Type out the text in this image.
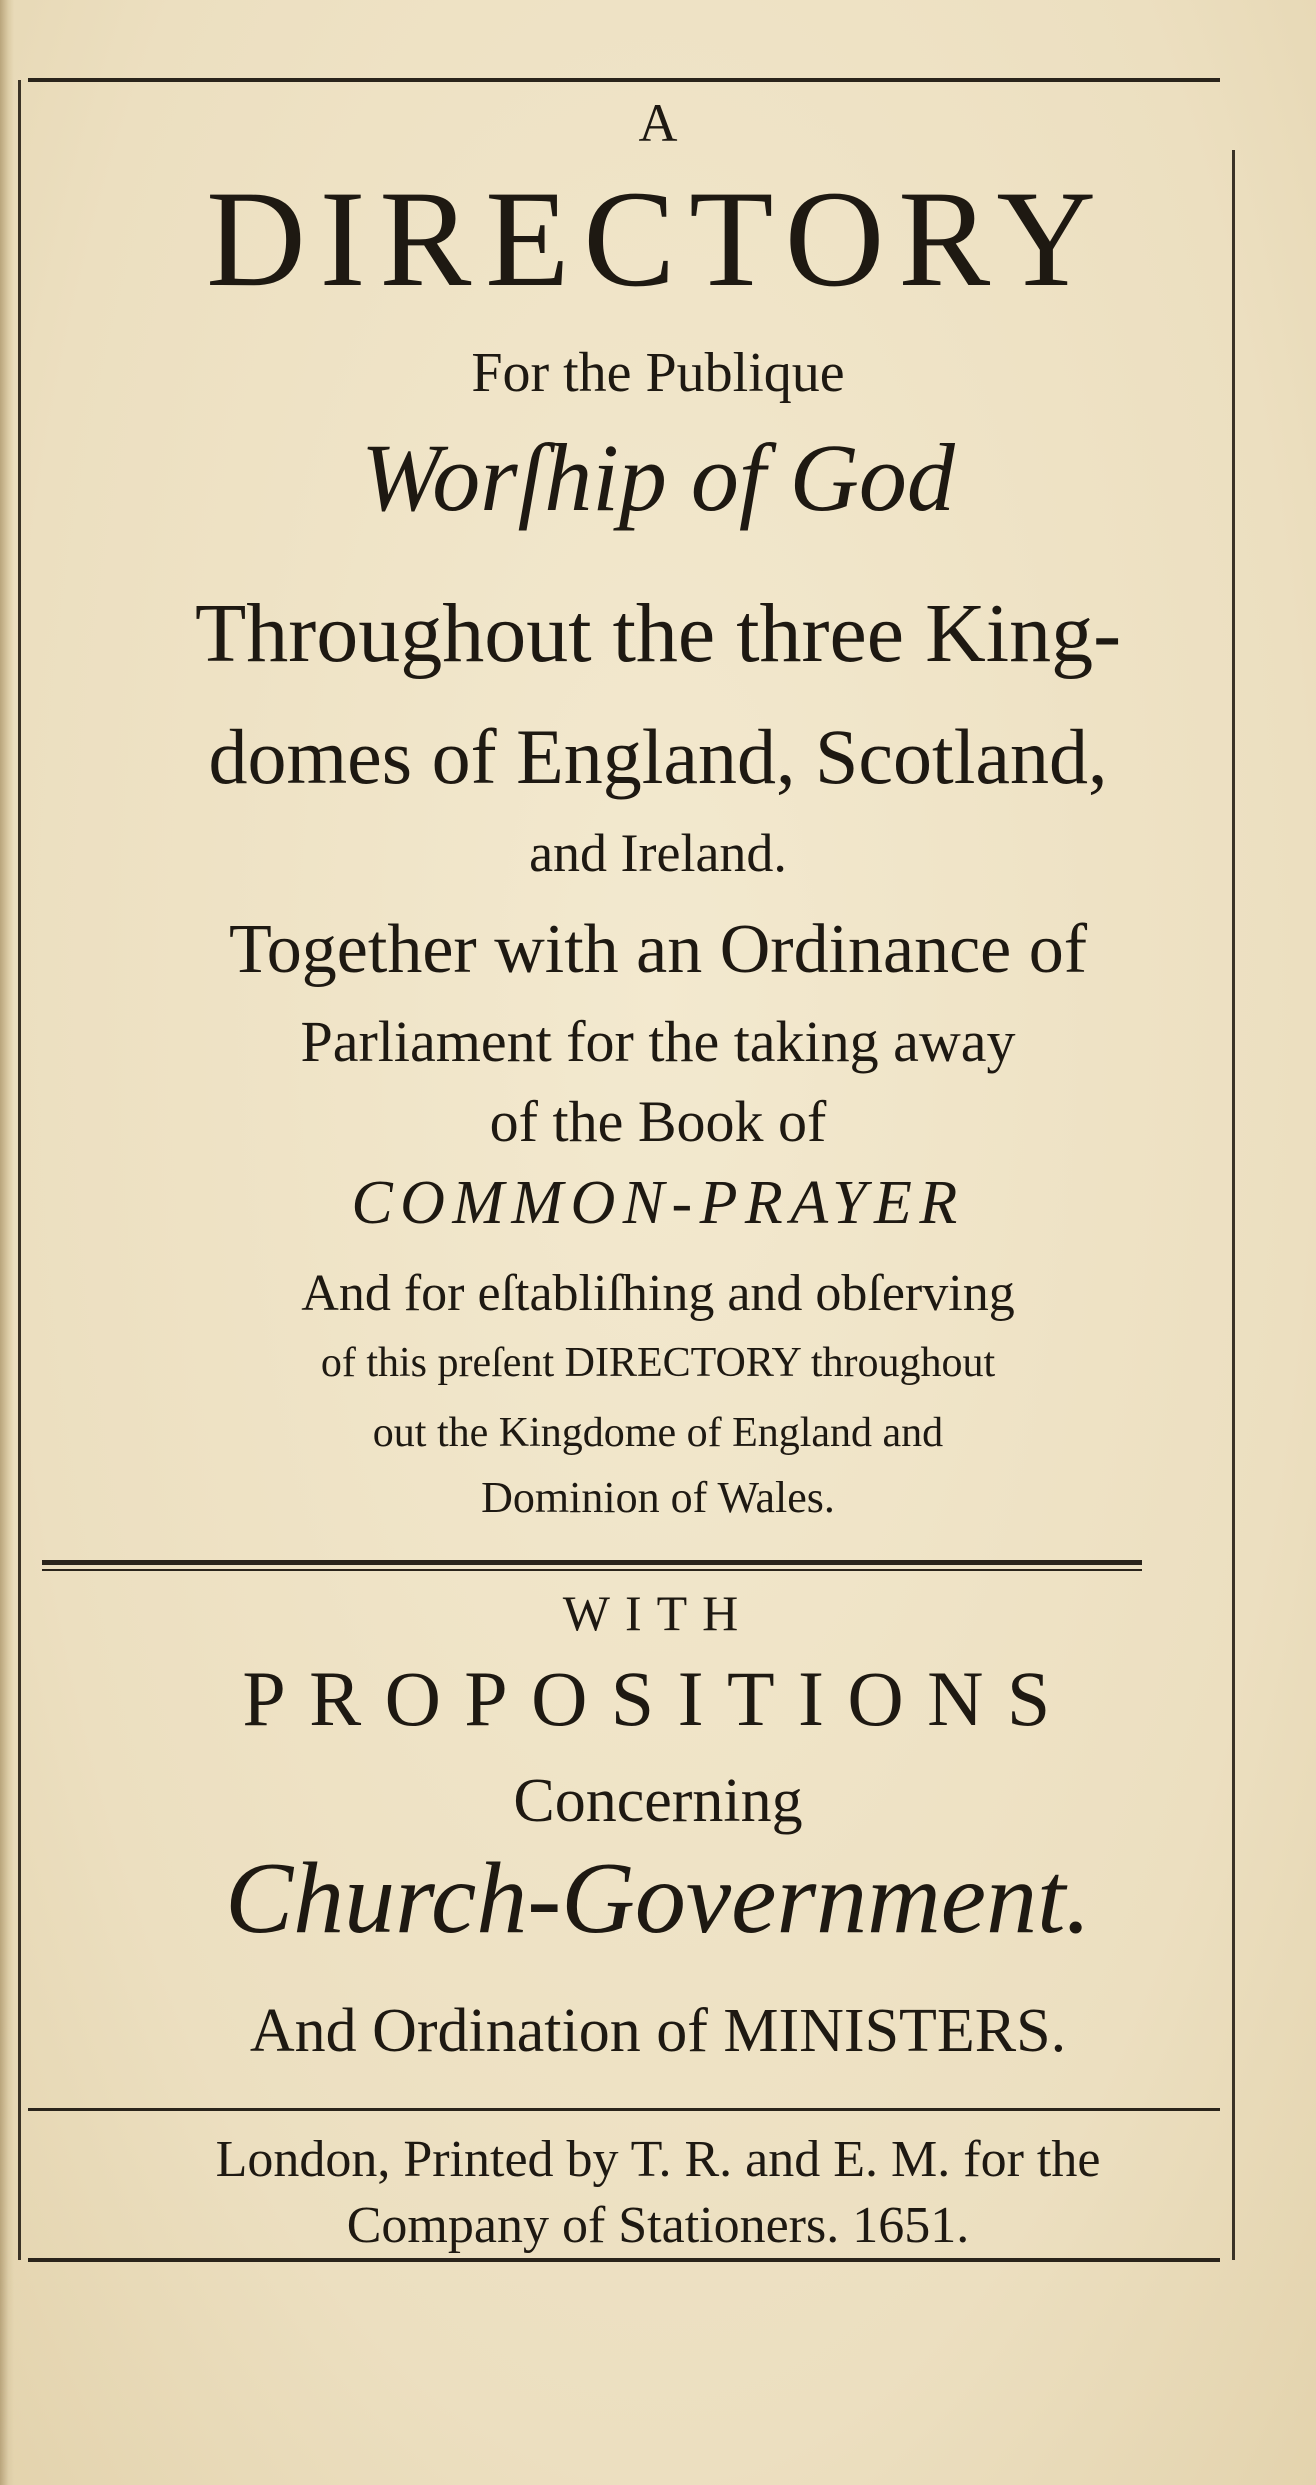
A
DIRECTORY
For the Publique
Worſhip of God
Throughout the three King-
domes of England, Scotland,
and Ireland.
Together with an Ordinance of
Parliament for the taking away
of the Book of
COMMON-PRAYER
And for eſtabliſhing and obſerving
of this preſent DIRECTORY throughout
out the Kingdome of England and
Dominion of Wales.
WITH
PROPOSITIONS
Concerning
Church-Government.
And Ordination of MINISTERS.
London, Printed by T. R. and E. M. for the
Company of Stationers. 1651.
